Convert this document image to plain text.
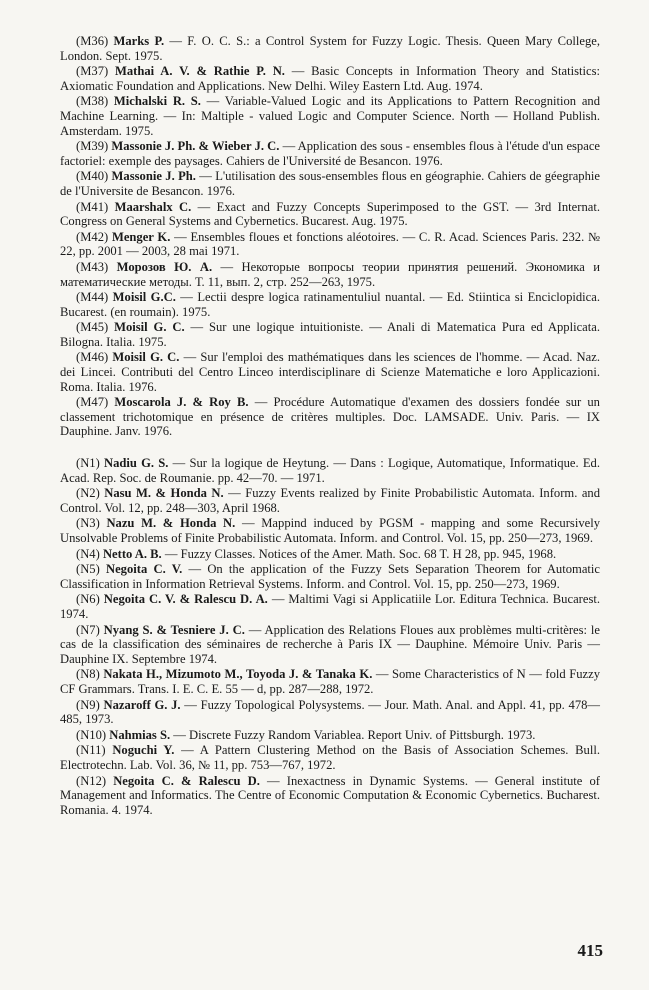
(M36) Marks P. — F. O. C. S.: a Control System for Fuzzy Logic. Thesis. Queen Mary College, London. Sept. 1975.

(M37) Mathai A. V. & Rathie P. N. — Basic Concepts in Information Theory and Statistics: Axiomatic Foundation and Applications. New Delhi. Wiley Eastern Ltd. Aug. 1974.

(M38) Michalski R. S. — Variable-Valued Logic and its Applications to Pattern Recognition and Machine Learning. — In: Maltiple - valued Logic and Computer Science. North — Holland Publish. Amsterdam. 1975.

(M39) Massonie J. Ph. & Wieber J. C. — Application des sous - ensembles flous à l'étude d'un espace factoriel: exemple des paysages. Cahiers de l'Université de Besancon. 1976.

(M40) Massonie J. Ph. — L'utilisation des sous-ensembles flous en géographie. Cahiers de géegraphie de l'Universite de Besancon. 1976.

(M41) Maarshalx C. — Exact and Fuzzy Concepts Superimposed to the GST. — 3rd Internat. Congress on General Systems and Cybernetics. Bucarest. Aug. 1975.

(M42) Menger K. — Ensembles floues et fonctions aléotoires. — C. R. Acad. Sciences Paris. 232. № 22, pp. 2001 — 2003, 28 mai 1971.

(M43) Морозов Ю. А. — Некоторые вопросы теории принятия решений. Экономика и математические методы. Т. 11, вып. 2, стр. 252—263, 1975.

(M44) Moisil G.C. — Lectii despre logica ratinamentuliul nuantal. — Ed. Stiintica si Enciclopidica. Bucarest. (en roumain). 1975.

(M45) Moisil G. C. — Sur une logique intuitioniste. — Anali di Matematica Pura ed Applicata. Bilogna. Italia. 1975.

(M46) Moisil G. C. — Sur l'emploi des mathématiques dans les sciences de l'homme. — Acad. Naz. dei Lincei. Contributi del Centro Linceo interdisciplinare di Scienze Matematiche e loro Applicazioni. Roma. Italia. 1976.

(M47) Moscarola J. & Roy B. — Procédure Automatique d'examen des dossiers fondée sur un classement trichotomique en présence de critères multiples. Doc. LAMSADE. Univ. Paris. — IX Dauphine. Janv. 1976.

(N1) Nadiu G. S. — Sur la logique de Heytung. — Dans : Logique, Automatique, Informatique. Ed. Acad. Rep. Soc. de Roumanie. pp. 42—70. — 1971.

(N2) Nasu M. & Honda N. — Fuzzy Events realized by Finite Probabilistic Automata. Inform. and Control. Vol. 12, pp. 248—303, April 1968.

(N3) Nazu M. & Honda N. — Mappind induced by PGSM - mapping and some Recursively Unsolvable Problems of Finite Probabilistic Automata. Inform. and Control. Vol. 15, pp. 250—273, 1969.

(N4) Netto A. B. — Fuzzy Classes. Notices of the Amer. Math. Soc. 68 T. H 28, pp. 945, 1968.

(N5) Negoita C. V. — On the application of the Fuzzy Sets Separation Theorem for Automatic Classification in Information Retrieval Systems. Inform. and Control. Vol. 15, pp. 250—273, 1969.

(N6) Negoita C. V. & Ralescu D. A. — Maltimi Vagi si Applicatiile Lor. Editura Technica. Bucarest. 1974.

(N7) Nyang S. & Tesniere J. C. — Application des Relations Floues aux problèmes multi-critères: le cas de la classification des séminaires de recherche à Paris IX — Dauphine. Mémoire Univ. Paris — Dauphine IX. Septembre 1974.

(N8) Nakata H., Mizumoto M., Toyoda J. & Tanaka K. — Some Characteristics of N — fold Fuzzy CF Grammars. Trans. I. E. C. E. 55 — d, pp. 287—288, 1972.

(N9) Nazaroff G. J. — Fuzzy Topological Polysystems. — Jour. Math. Anal. and Appl. 41, pp. 478—485, 1973.

(N10) Nahmias S. — Discrete Fuzzy Random Variablea. Report Univ. of Pittsburgh. 1973.

(N11) Noguchi Y. — A Pattern Clustering Method on the Basis of Association Schemes. Bull. Electrotechn. Lab. Vol. 36, № 11, pp. 753—767, 1972.

(N12) Negoita C. & Ralescu D. — Inexactness in Dynamic Systems. — General institute of Management and Informatics. The Centre of Economic Computation & Economic Cybernetics. Bucharest. Romania. 4. 1974.

415
